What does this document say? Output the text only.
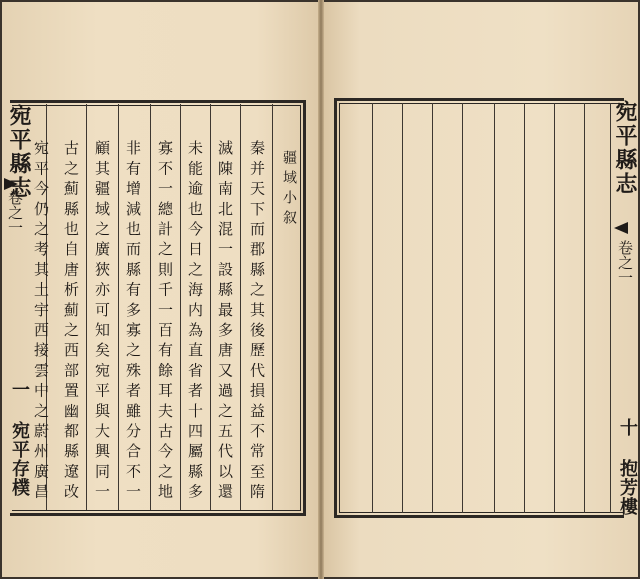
宛平縣志
卷之一
一 宛平存樸
疆域小叙
秦并天下而郡縣之其後歷代損益不常至隋
滅陳南北混一設縣最多唐又過之五代以還
未能逾也今日之海内為直省者十四屬縣多
寡不一總計之則千一百有餘耳夫古今之地
非有增減也而縣有多寡之殊者雖分合不一
顧其疆域之廣狹亦可知矣宛平與大興同一
古之薊縣也自唐析薊之西部置幽都縣遼改
宛平今仍之考其土宇西接雲中之蔚州廣昌	宛平縣志
卷之一
十 抱芳樓
